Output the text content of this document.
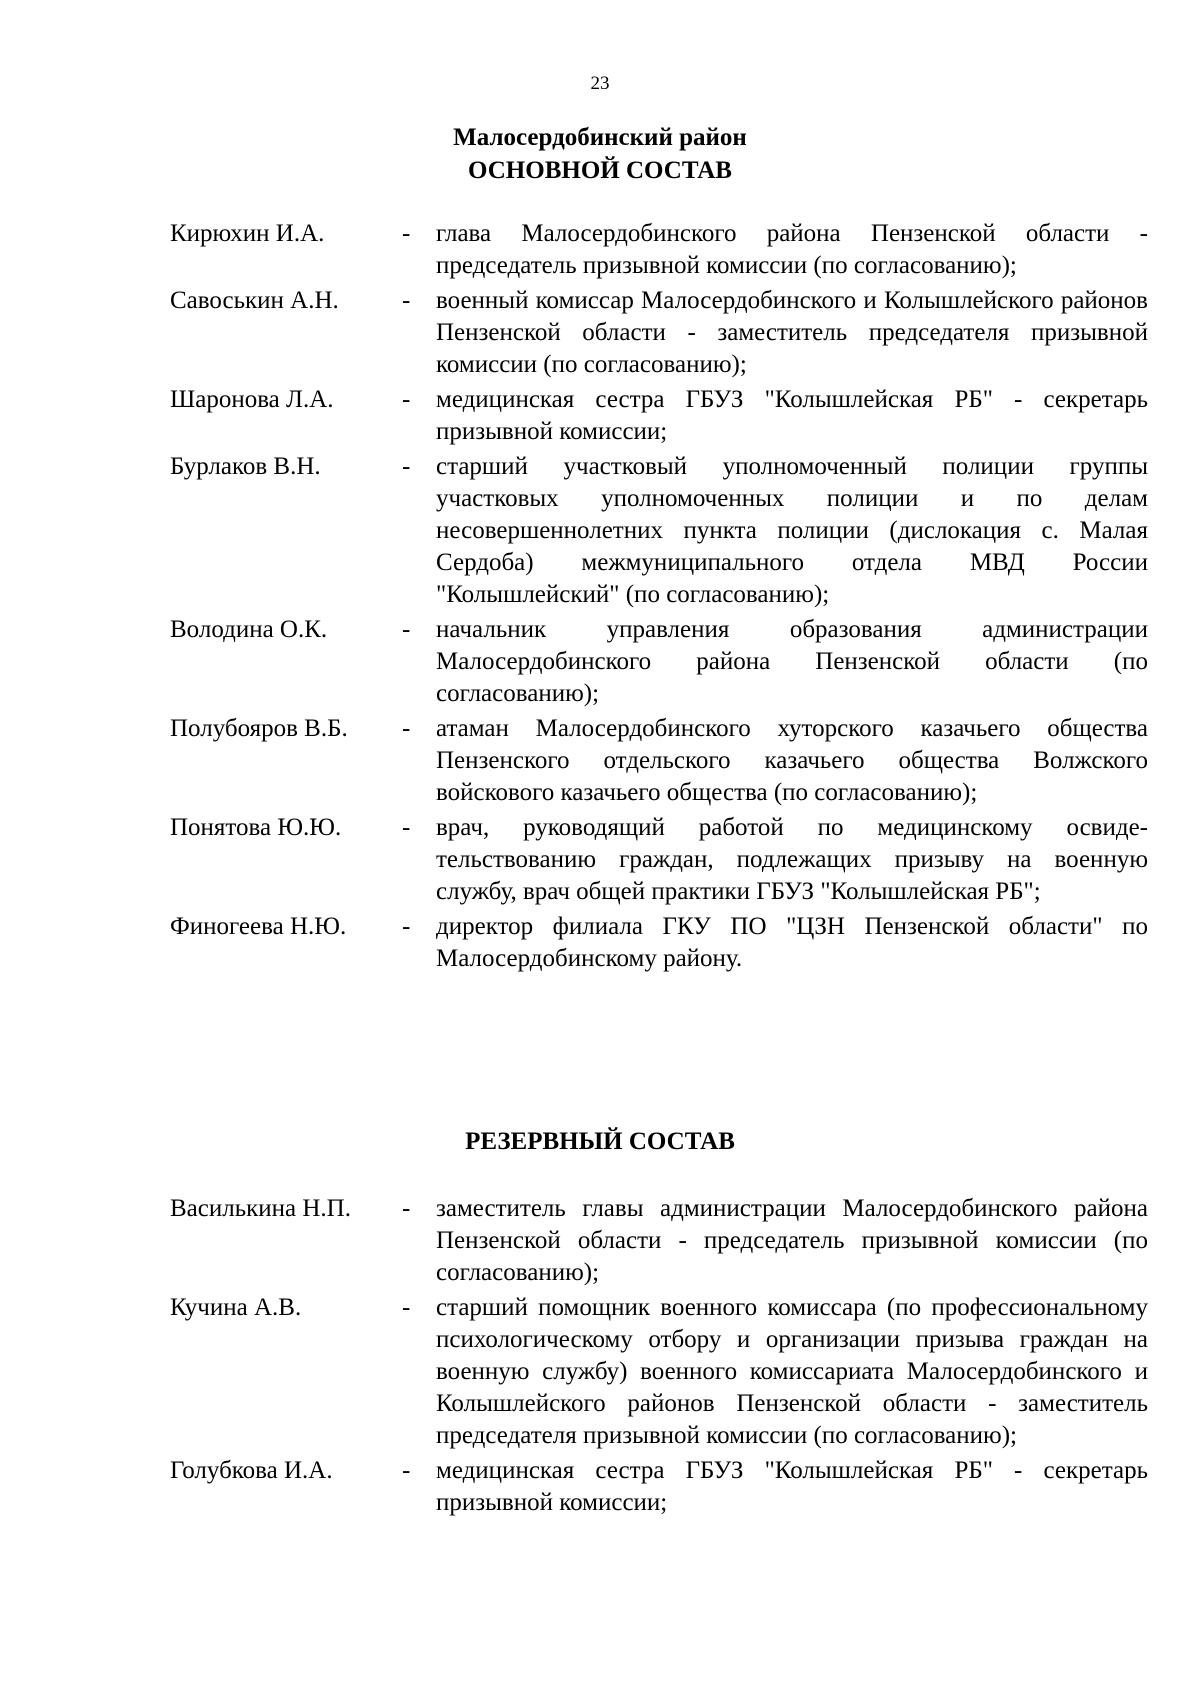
23
Малосердобинский район
ОСНОВНОЙ СОСТАВ
Кирюхин И.А.	- глава Малосердобинского района Пензенской области - председатель призывной комиссии (по согласованию);
Савоськин А.Н.	- военный комиссар Малосердобинского и Колышлейского районов Пензенской области - заместитель председателя призывной комиссии (по согласованию);
Шаронова Л.А.	- медицинская сестра ГБУЗ "Колышлейская РБ" - секретарь призывной комиссии;
Бурлаков В.Н.	- старший участковый уполномоченный полиции группы участковых уполномоченных полиции и по делам несовершеннолетних пункта полиции (дислокация с. Малая Сердоба) межмуниципального отдела МВД России "Колышлейский" (по согласованию);
Володина О.К.	- начальник управления образования администрации Малосердобинского района Пензенской области (по согласованию);
Полубояров В.Б.	- атаман Малосердобинского хуторского казачьего общества Пензенского отдельского казачьего общества Волжского войскового казачьего общества (по согласованию);
Понятова Ю.Ю.	- врач, руководящий работой по медицинскому освидетельствованию граждан, подлежащих призыву на военную службу, врач общей практики ГБУЗ "Колышлейская РБ";
Финогеева Н.Ю.	- директор филиала ГКУ ПО "ЦЗН Пензенской области" по Малосердобинскому району.
РЕЗЕРВНЫЙ СОСТАВ
Василькина Н.П.	- заместитель главы администрации Малосердобинского района Пензенской области - председатель призывной комиссии (по согласованию);
Кучина А.В.	- старший помощник военного комиссара (по профессиональному психологическому отбору и организации призыва граждан на военную службу) военного комиссариата Малосердобинского и Колышлейского районов Пензенской области - заместитель председателя призывной комиссии (по согласованию);
Голубкова И.А.	- медицинская сестра ГБУЗ "Колышлейская РБ" - секретарь призывной комиссии;
